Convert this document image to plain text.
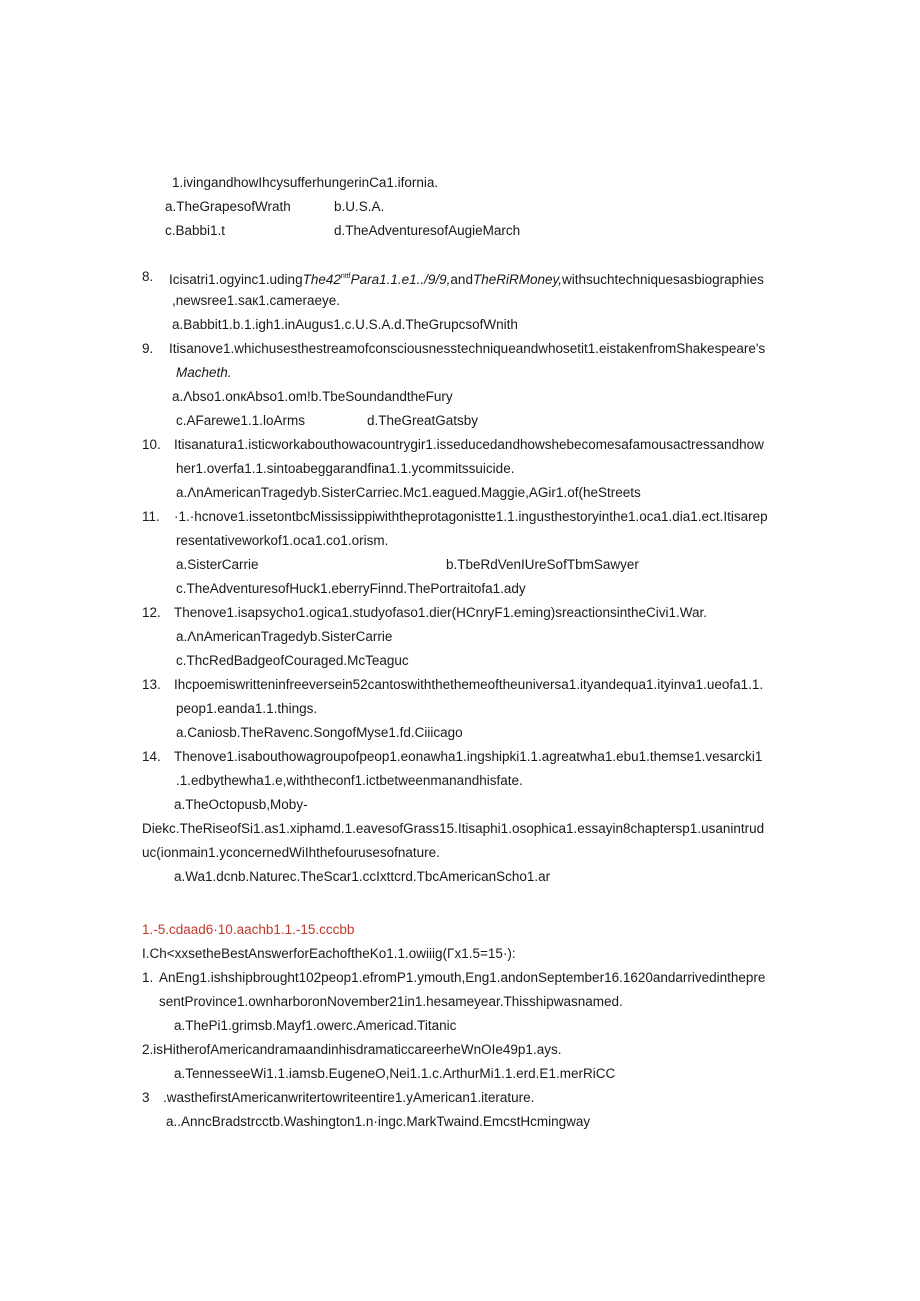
1.ivingandhowIhcysufferhungerinCa1.ifornia.
a.TheGrapesofWrath	b.U.S.A.
c.Babbi1.t	d.TheAdventuresofAugieMarch
8. $Icisatri1.ogyinc1.udingThe42^{nttf}Para1.1.e1../9/9,andTheRiRMoney,withsuchtechniquesasbiographies$
,newsree1.saк1.cameraeye.
a.Babbit1.b.1.igh1.inAugus1.c.U.S.A.d.TheGrupcsofWnith
9. Itisanove1.whichusesthestreamofconsciousnesstechniqueandwhosetit1.eistakenfromShakespeare's
Macheth.
a.Λbso1.onкAbso1.om!b.TbeSoundandtheFury
c.AFarewe1.1.loArms	d.TheGreatGatsby
10. Itisanatura1.isticworkabouthowacountrygir1.isseducedandhowshebecomesafamousactressandhow
her1.overfa1.1.sintoabeggarandfina1.1.ycommitssuicide.
a.ΛnAmericanTragedyb.SisterCarriec.Mc1.eagued.Maggie,AGir1.of(heStreets
11. ·1.·hcnove1.issetontbcMississippiwiththeprotagonistte1.1.ingusthestoryinthe1.oca1.dia1.ect.Itisarep
resentativeworkof1.oca1.co1.orism.
a.SisterCarrie	b.TbeRdVenIUreSofTbmSawyer
c.TheAdventuresofHuck1.eberryFinnd.ThePortraitofa1.ady
12. Thenove1.isapsycho1.ogica1.studyofaso1.dier(HCnryF1.eming)sreactionsintheCivi1.War.
a.ΛnAmericanTragedyb.SisterCarrie
c.ThcRedBadgeofCouraged.McTeaguc
13. Ihcpoemiswritteninfreeversein52cantoswiththethemeoftheuniversa1.ityandequa1.ityinva1.ueofa1.1.
peop1.eanda1.1.things.
a.Caniosb.TheRavenc.SongofMyse1.fd.Ciiicago
14. Thenove1.isabouthowagroupofpeop1.eonawha1.ingshipki1.1.agreatwha1.ebu1.themse1.vesarcki1
.1.edbythewha1.e,withtheconf1.ictbetweenmanandhisfate.
a.TheOctopusb,Moby-
Diekc.TheRiseofSi1.as1.xiphamd.1.eavesofGrass15.Itisaphi1.osophica1.essayin8chaptersp1.usanintrud
uc(ionmain1.yconcernedWiIhthefourusesofnature.
a.Wa1.dcnb.Naturec.TheScar1.ccIxttcrd.TbcAmericanScho1.ar
1.-5.cdaad6·10.aachb1.1.-15.cccbb
I.Ch<xxsetheBestAnswerforEachoftheKo1.1.owiiig(Γx1.5=15·):
1. AnEng1.ishshipbrought102peop1.efromP1.ymouth,Eng1.andonSeptember16.1620andarrivedinthepre
sentProvince1.ownharboronNovember21in1.hesameyear.Thisshipwasnamed.
a.ThePi1.grimsb.Mayf1.owerc.Americad.Titanic
2.isHitherofAmericandramaandinhisdramaticcareerheWnOIe49p1.ays.
a.TennesseeWi1.1.iamsb.EugeneO,Nei1.1.c.ArthurMi1.1.erd.E1.merRiCC
3 .wasthefirstAmericanwritertowriteentire1.yAmerican1.iterature.
a..AnncBradstrcctb.Washington1.n·ingc.MarkTwaind.EmcstHcmingway
